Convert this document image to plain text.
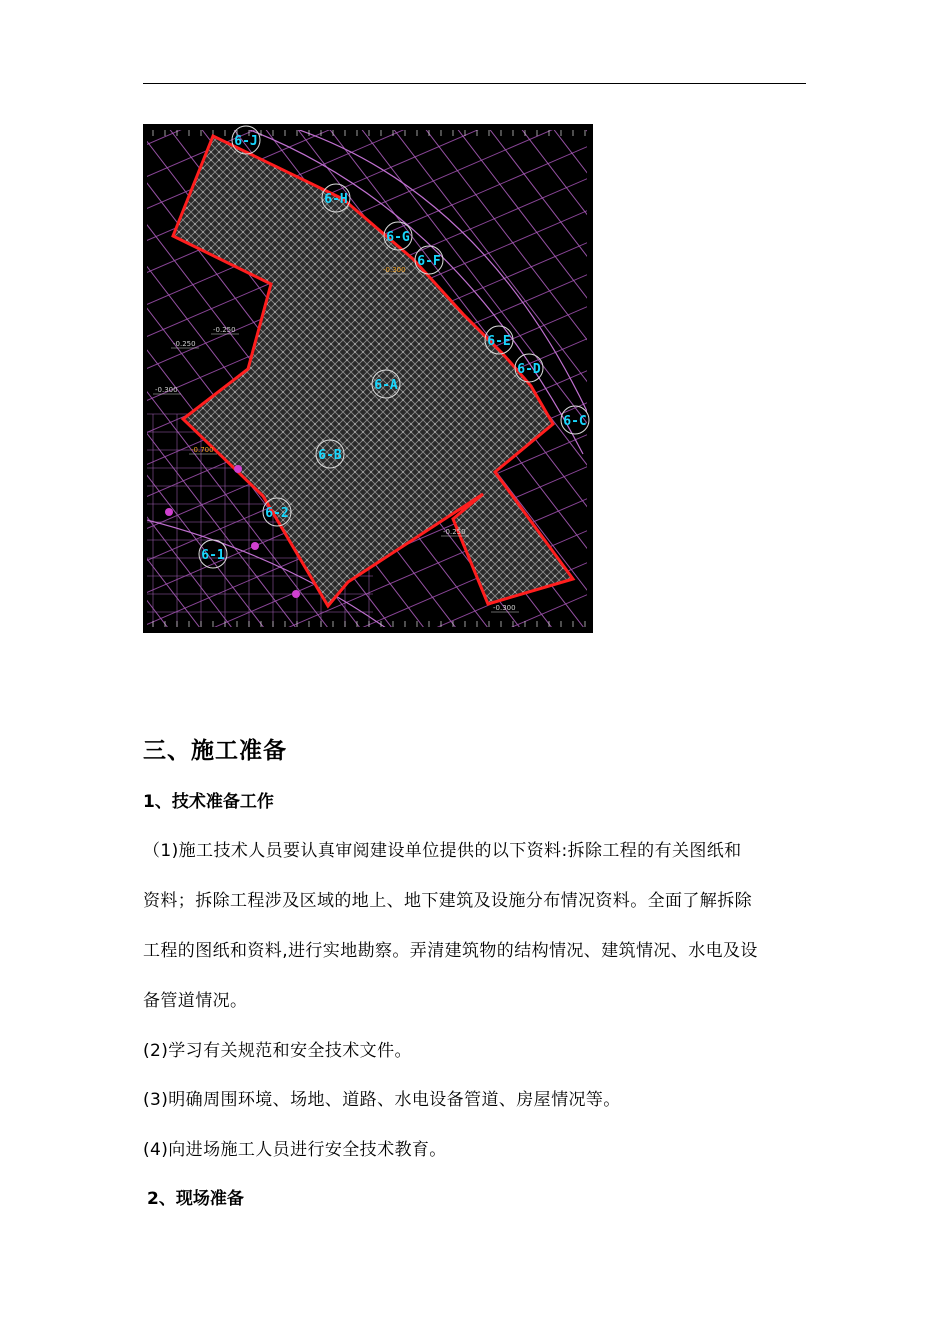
6-J
6-H
6-G
6-F
6-E
6-D
6-C
6-A
6-B
6-2
6-1
-0.250
-0.250
-0.300
-0.700
-0.250
-0.300
-0.300
三、施工准备
1、技术准备工作
（1)施工技术人员要认真审阅建设单位提供的以下资料:拆除工程的有关图纸和
资料；拆除工程涉及区域的地上、地下建筑及设施分布情况资料。全面了解拆除
工程的图纸和资料,进行实地勘察。弄清建筑物的结构情况、建筑情况、水电及设
备管道情况。
(2)学习有关规范和安全技术文件。
(3)明确周围环境、场地、道路、水电设备管道、房屋情况等。
(4)向进场施工人员进行安全技术教育。
2、现场准备
